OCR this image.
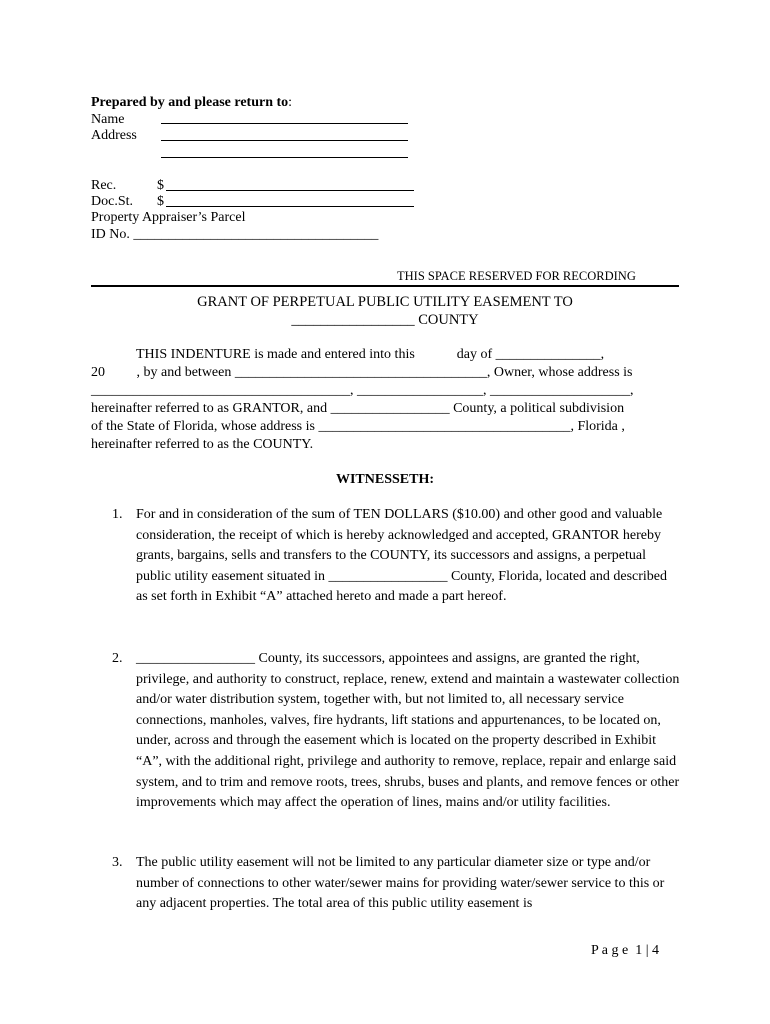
Prepared by and please return to:
Name
Address
Rec.	$
Doc.St. $
Property Appraiser’s Parcel
ID No. ___________________________________
THIS SPACE RESERVED FOR RECORDING
GRANT OF PERPETUAL PUBLIC UTILITY EASEMENT TO
_________________ COUNTY
THIS INDENTURE is made and entered into this            day of _______________,
20         , by and between ____________________________________, Owner, whose address is
_____________________________________, __________________, ____________________,
hereinafter referred to as GRANTOR, and _________________ County, a political subdivision
of the State of Florida, whose address is ____________________________________, Florida ,
hereinafter referred to as the COUNTY.
WITNESSETH:
1. For and in consideration of the sum of TEN DOLLARS ($10.00) and other good and valuable consideration, the receipt of which is hereby acknowledged and accepted, GRANTOR hereby grants, bargains, sells and transfers to the COUNTY, its successors and assigns, a perpetual public utility easement situated in _________________ County, Florida, located and described as set forth in Exhibit “A” attached hereto and made a part hereof.
2. _________________ County, its successors, appointees and assigns, are granted the right, privilege, and authority to construct, replace, renew, extend and maintain a wastewater collection and/or water distribution system, together with, but not limited to, all necessary service connections, manholes, valves, fire hydrants, lift stations and appurtenances, to be located on, under, across and through the easement which is located on the property described in Exhibit “A”, with the additional right, privilege and authority to remove, replace, repair and enlarge said system, and to trim and remove roots, trees, shrubs, buses and plants, and remove fences or other improvements which may affect the operation of lines, mains and/or utility facilities.
3. The public utility easement will not be limited to any particular diameter size or type and/or number of connections to other water/sewer mains for providing water/sewer service to this or any adjacent properties. The total area of this public utility easement is
P a g e  1 | 4
